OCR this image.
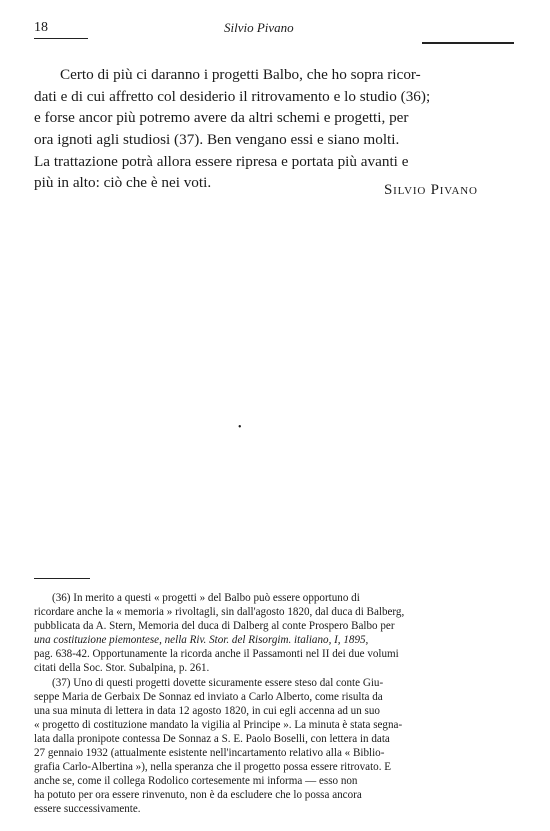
18	Silvio Pivano
Certo di più ci daranno i progetti Balbo, che ho sopra ricor-
dati e di cui affretto col desiderio il ritrovamento e lo studio (36);
e forse ancor più potremo avere da altri schemi e progetti, per
ora ignoti agli studiosi (37). Ben vengano essi e siano molti.
La trattazione potrà allora essere ripresa e portata più avanti e
più in alto: ciò che è nei voti.	Silvio Pivano
•
(36) In merito a questi « progetti » del Balbo può essere opportuno di
ricordare anche la « memoria » rivoltagli, sin dall'agosto 1820, dal duca di Balberg,
pubblicata da A. Stern, Memoria del duca di Dalberg al conte Prospero Balbo per
una costituzione piemontese, nella Riv. Stor. del Risorgim. italiano, I, 1895,
pag. 638-42. Opportunamente la ricorda anche il Passamonti nel II dei due volumi
citati della Soc. Stor. Subalpina, p. 261.
(37) Uno di questi progetti dovette sicuramente essere steso dal conte Giu-
seppe Maria de Gerbaix De Sonnaz ed inviato a Carlo Alberto, come risulta da
una sua minuta di lettera in data 12 agosto 1820, in cui egli accenna ad un suo
« progetto di costituzione mandato la vigilia al Principe ». La minuta è stata segna-
lata dalla pronipote contessa De Sonnaz a S. E. Paolo Boselli, con lettera in data
27 gennaio 1932 (attualmente esistente nell'incartamento relativo alla « Biblio-
grafia Carlo-Albertina »), nella speranza che il progetto possa essere ritrovato. E
anche se, come il collega Rodolico cortesemente mi informa — esso non
ha potuto per ora essere rinvenuto, non è da escludere che lo possa ancora
essere successivamente.
